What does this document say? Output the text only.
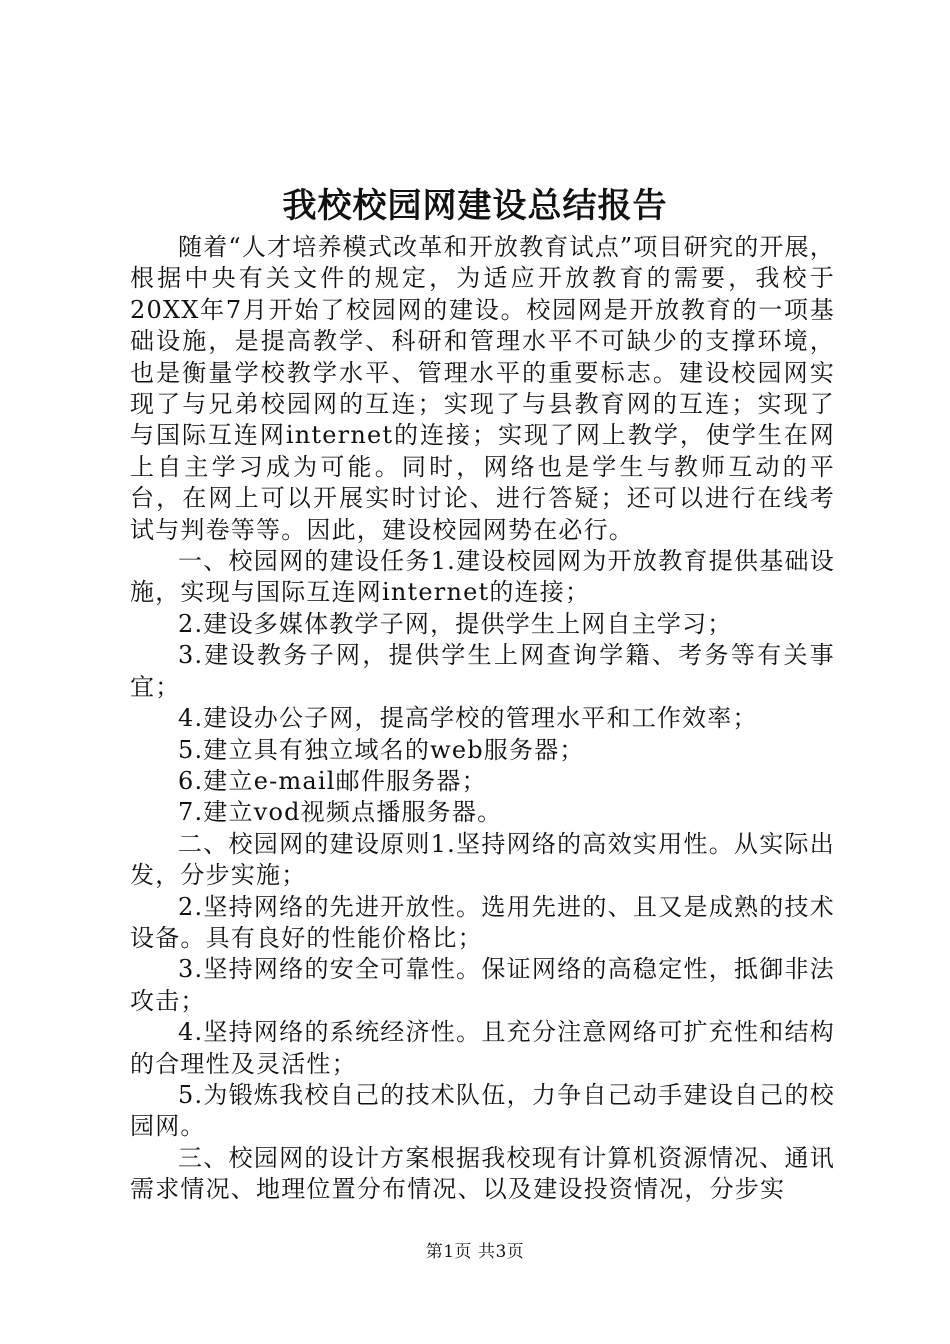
我校校园网建设总结报告

随着“人才培养模式改革和开放教育试点”项目研究的开展，根据中央有关文件的规定，为适应开放教育的需要，我校于20XX年7月开始了校园网的建设。校园网是开放教育的一项基础设施，是提高教学、科研和管理水平不可缺少的支撑环境，也是衡量学校教学水平、管理水平的重要标志。建设校园网实现了与兄弟校园网的互连；实现了与县教育网的互连；实现了与国际互连网internet的连接；实现了网上教学，使学生在网上自主学习成为可能。同时，网络也是学生与教师互动的平台，在网上可以开展实时讨论、进行答疑；还可以进行在线考试与判卷等等。因此，建设校园网势在必行。

一、校园网的建设任务1.建设校园网为开放教育提供基础设施，实现与国际互连网internet的连接；

2.建设多媒体教学子网，提供学生上网自主学习；

3.建设教务子网，提供学生上网查询学籍、考务等有关事宜；

4.建设办公子网，提高学校的管理水平和工作效率；

5.建立具有独立域名的web服务器；

6.建立e-mail邮件服务器；

7.建立vod视频点播服务器。

二、校园网的建设原则1.坚持网络的高效实用性。从实际出发，分步实施；

2.坚持网络的先进开放性。选用先进的、且又是成熟的技术设备。具有良好的性能价格比；

3.坚持网络的安全可靠性。保证网络的高稳定性，抵御非法攻击；

4.坚持网络的系统经济性。且充分注意网络可扩充性和结构的合理性及灵活性；

5.为锻炼我校自己的技术队伍，力争自己动手建设自己的校园网。

三、校园网的设计方案根据我校现有计算机资源情况、通讯需求情况、地理位置分布情况、以及建设投资情况，分步实

第1页 共3页
